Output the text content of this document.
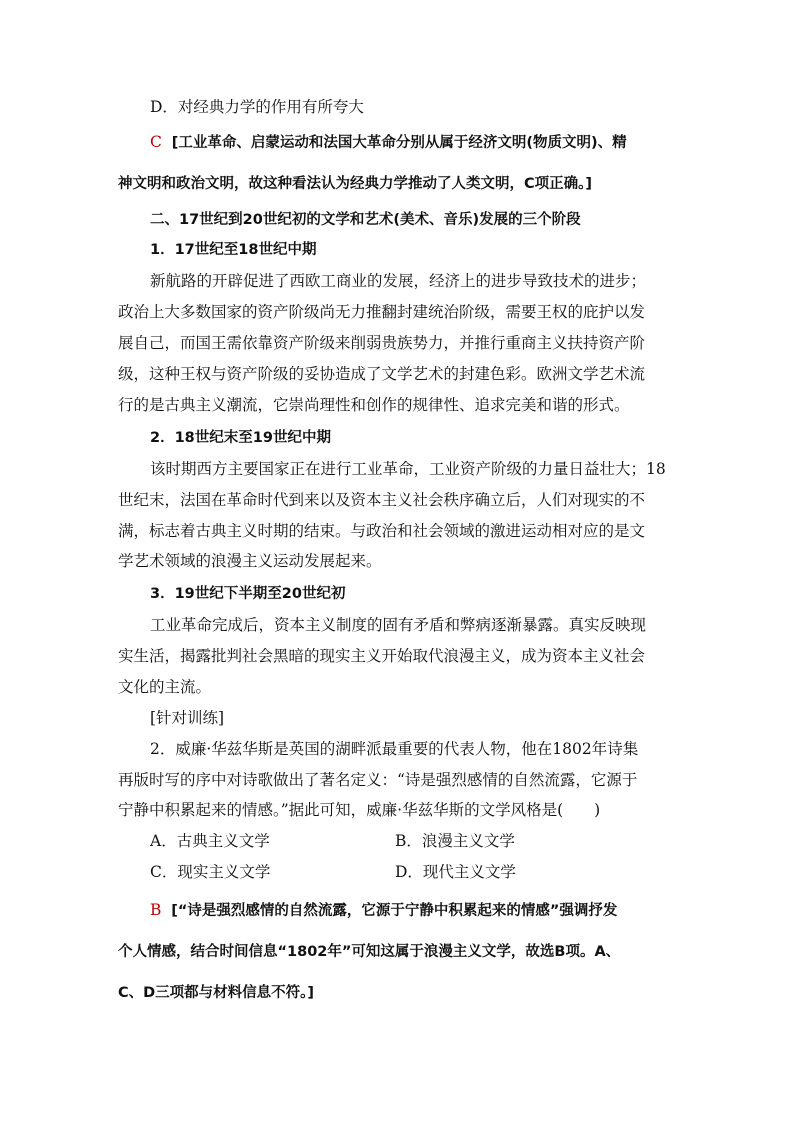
D．对经典力学的作用有所夸大
C [工业革命、启蒙运动和法国大革命分别从属于经济文明(物质文明)、精
神文明和政治文明，故这种看法认为经典力学推动了人类文明，C项正确。]
二、17世纪到20世纪初的文学和艺术(美术、音乐)发展的三个阶段
1．17世纪至18世纪中期
新航路的开辟促进了西欧工商业的发展，经济上的进步导致技术的进步；
政治上大多数国家的资产阶级尚无力推翻封建统治阶级，需要王权的庇护以发
展自己，而国王需依靠资产阶级来削弱贵族势力，并推行重商主义扶持资产阶
级，这种王权与资产阶级的妥协造成了文学艺术的封建色彩。欧洲文学艺术流
行的是古典主义潮流，它崇尚理性和创作的规律性、追求完美和谐的形式。
2．18世纪末至19世纪中期
该时期西方主要国家正在进行工业革命，工业资产阶级的力量日益壮大；18
世纪末，法国在革命时代到来以及资本主义社会秩序确立后，人们对现实的不
满，标志着古典主义时期的结束。与政治和社会领域的激进运动相对应的是文
学艺术领域的浪漫主义运动发展起来。
3．19世纪下半期至20世纪初
工业革命完成后，资本主义制度的固有矛盾和弊病逐渐暴露。真实反映现
实生活，揭露批判社会黑暗的现实主义开始取代浪漫主义，成为资本主义社会
文化的主流。
[针对训练]
2．威廉·华兹华斯是英国的湖畔派最重要的代表人物，他在1802年诗集
再版时写的序中对诗歌做出了著名定义：“诗是强烈感情的自然流露，它源于
宁静中积累起来的情感。”据此可知，威廉·华兹华斯的文学风格是(　　)
A．古典主义文学	B．浪漫主义文学
C．现实主义文学	D．现代主义文学
B [“诗是强烈感情的自然流露，它源于宁静中积累起来的情感”强调抒发
个人情感，结合时间信息“1802年”可知这属于浪漫主义文学，故选B项。A、
C、D三项都与材料信息不符。]
